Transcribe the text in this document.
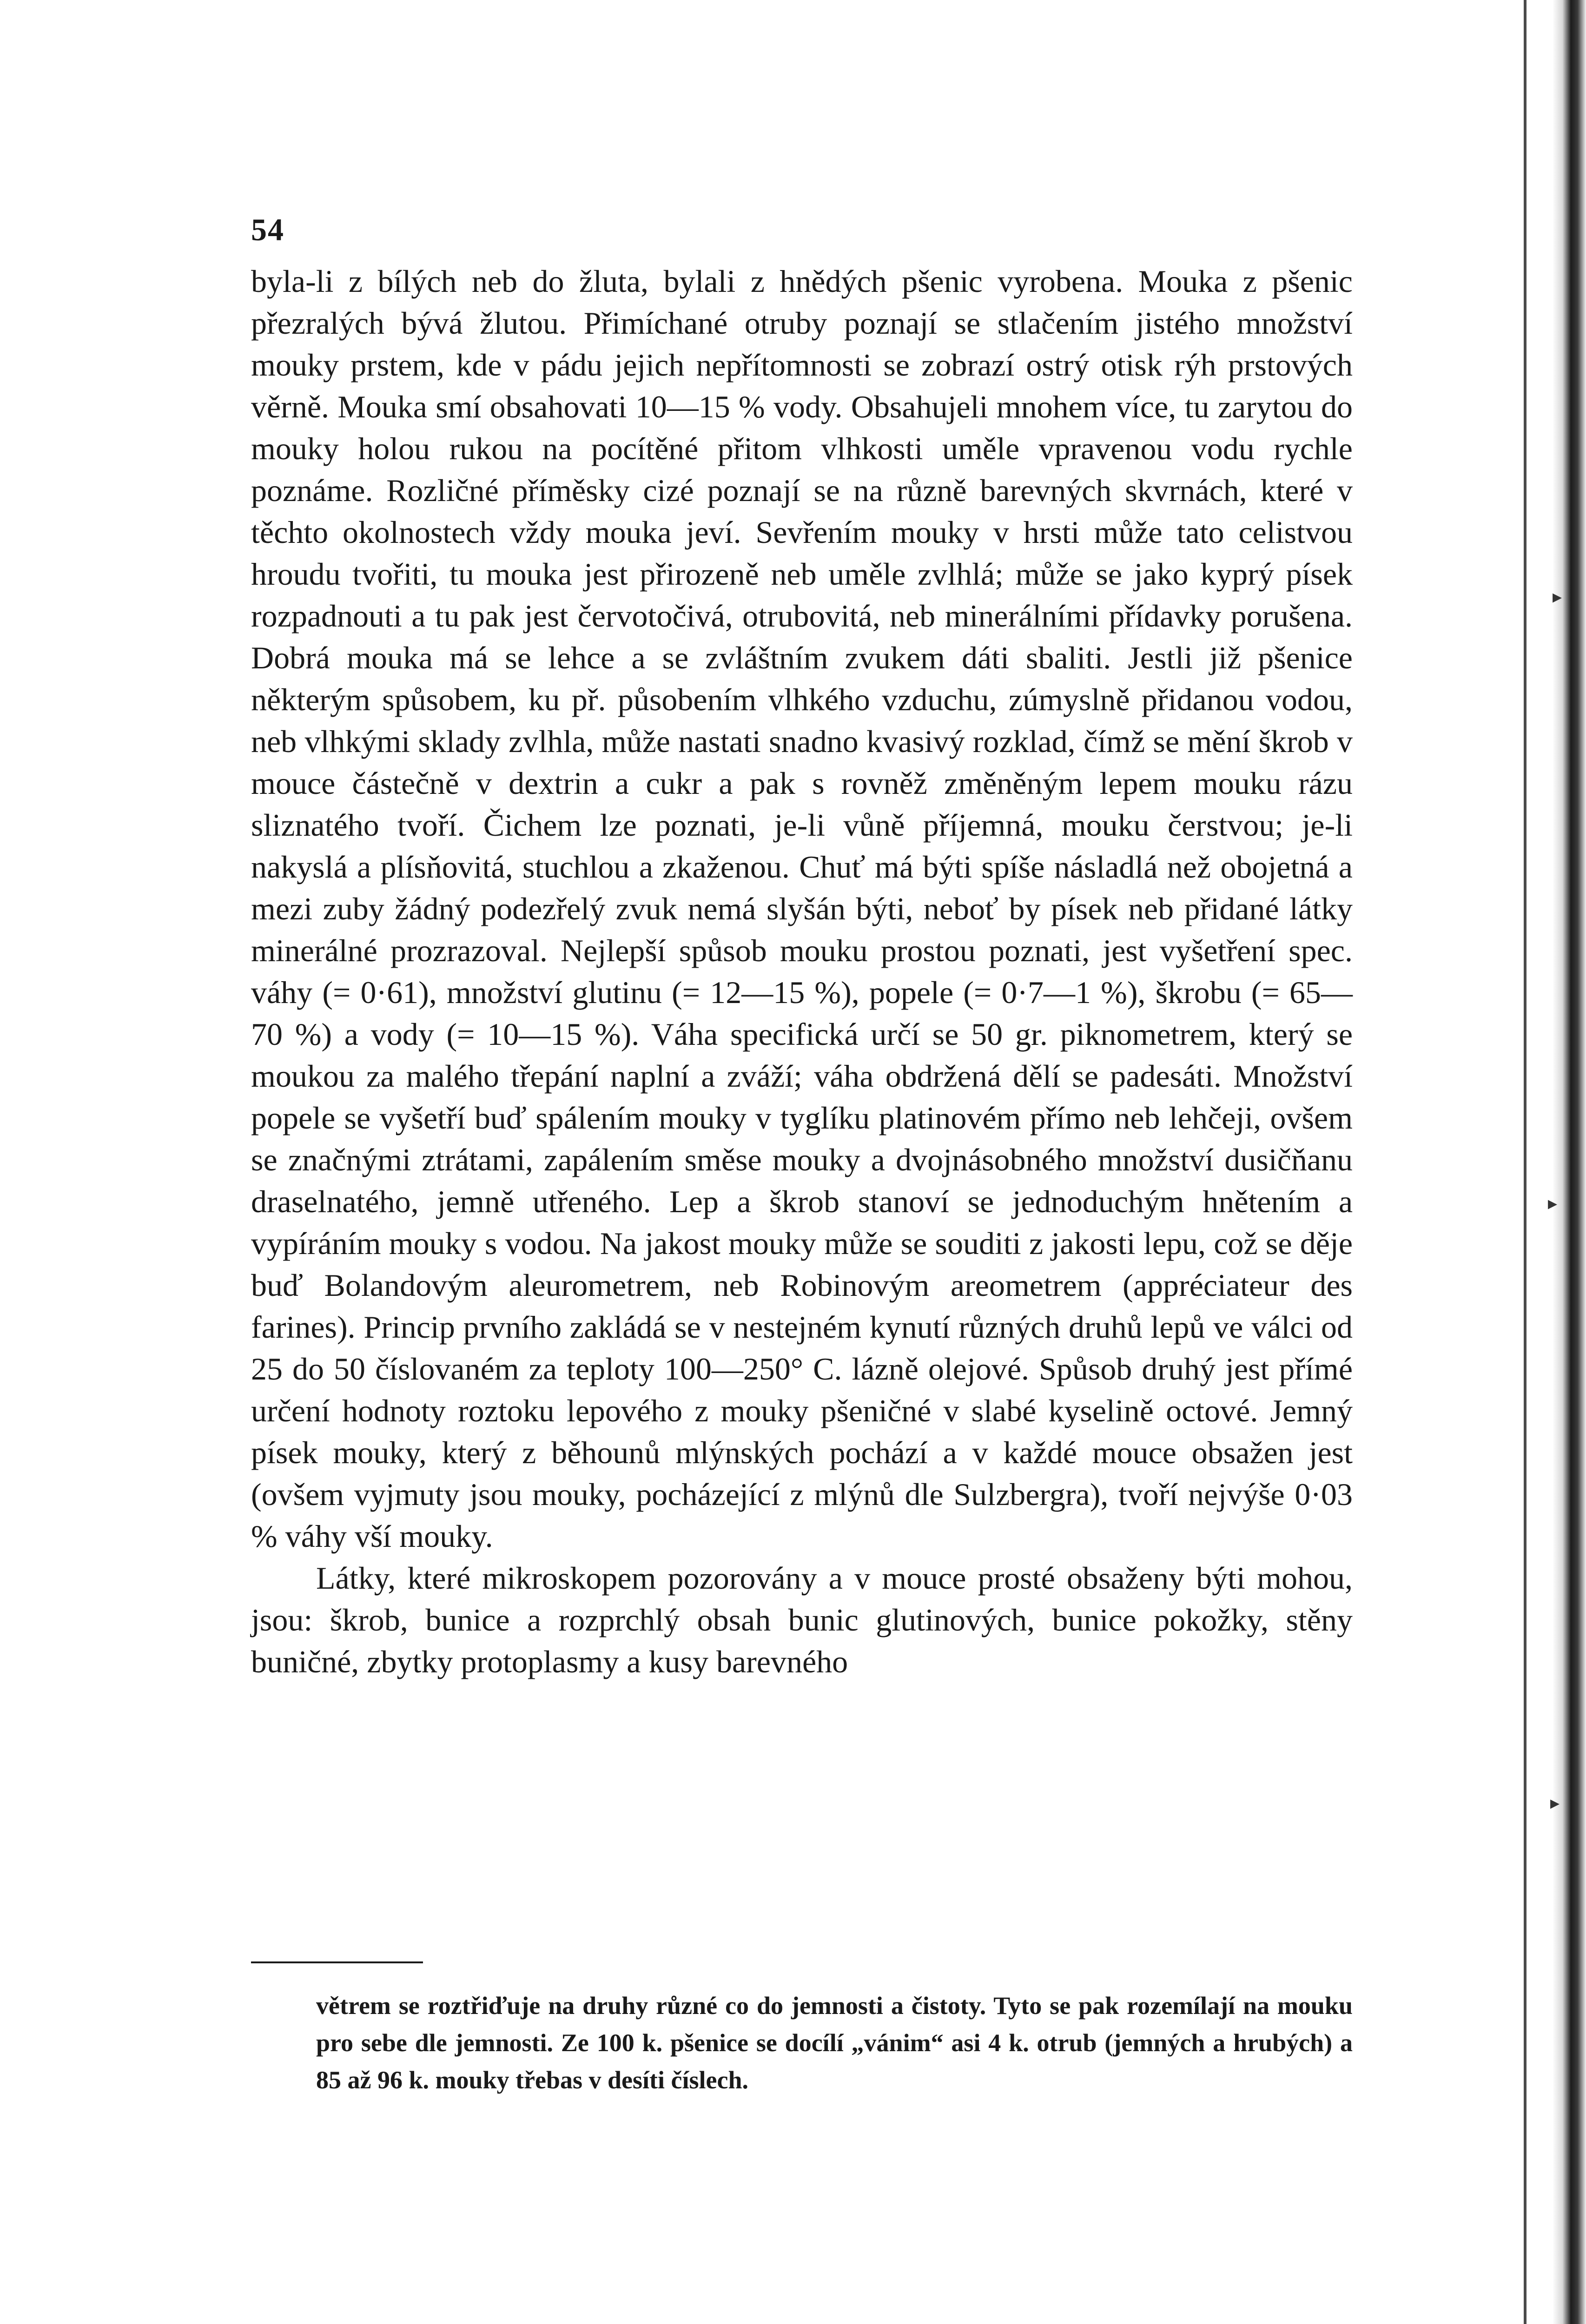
54

byla-li z bílých neb do žluta, bylali z hnědých pšenic vyrobena. Mouka z pšenic přezralých bývá žlutou. Přimíchané otruby poznají se stlačením jistého množství mouky prstem, kde v pádu jejich nepřítomnosti se zobrazí ostrý otisk rýh prstových věrně. Mouka smí obsahovati 10—15 % vody. Obsahujeli mnohem více, tu zarytou do mouky holou rukou na pocítěné přitom vlhkosti uměle vpravenou vodu rychle poznáme. Rozličné příměsky cizé poznají se na různě barevných skvrnách, které v těchto okolnostech vždy mouka jeví. Sevřením mouky v hrsti může tato celistvou hroudu tvořiti, tu mouka jest přirozeně neb uměle zvlhlá; může se jako kyprý písek rozpadnouti a tu pak jest červotočivá, otrubovitá, neb minerálními přídavky porušena. Dobrá mouka má se lehce a se zvláštním zvukem dáti sbaliti. Jestli již pšenice některým spůsobem, ku př. působením vlhkého vzduchu, zúmyslně přidanou vodou, neb vlhkými sklady zvlhla, může nastati snadno kvasivý rozklad, čímž se mění škrob v mouce částečně v dextrin a cukr a pak s rovněž změněným lepem mouku rázu sliznatého tvoří. Čichem lze poznati, je-li vůně příjemná, mouku čerstvou; je-li nakyslá a plísňovitá, stuchlou a zkaženou. Chuť má býti spíše násladlá než obojetná a mezi zuby žádný podezřelý zvuk nemá slyšán býti, neboť by písek neb přidané látky minerálné prozrazoval. Nejlepší spůsob mouku prostou poznati, jest vyšetření spec. váhy (= 0·61), množství glutinu (= 12—15 %), popele (= 0·7—1 %), škrobu (= 65—70 %) a vody (= 10—15 %). Váha specifická určí se 50 gr. piknometrem, který se moukou za malého třepání naplní a zváží; váha obdržená dělí se padesáti. Množství popele se vyšetří buď spálením mouky v tyglíku platinovém přímo neb lehčeji, ovšem se značnými ztrátami, zapálením směse mouky a dvojnásobného množství dusičňanu draselnatého, jemně utřeného. Lep a škrob stanoví se jednoduchým hnětením a vypíráním mouky s vodou. Na jakost mouky může se souditi z jakosti lepu, což se děje buď Bolandovým aleurometrem, neb Robinovým areometrem (appréciateur des farines). Princip prvního zakládá se v nestejném kynutí různých druhů lepů ve válci od 25 do 50 číslovaném za teploty 100—250° C. lázně olejové. Spůsob druhý jest přímé určení hodnoty roztoku lepového z mouky pšeničné v slabé kyselině octové. Jemný písek mouky, který z běhounů mlýnských pochází a v každé mouce obsažen jest (ovšem vyjmuty jsou mouky, pocházející z mlýnů dle Sulzbergra), tvoří nejvýše 0·03 % váhy vší mouky.

Látky, které mikroskopem pozorovány a v mouce prosté obsaženy býti mohou, jsou: škrob, bunice a rozprchlý obsah bunic glutinových, bunice pokožky, stěny buničné, zbytky protoplasmy a kusy barevného

větrem se roztřiďuje na druhy různé co do jemnosti a čistoty. Tyto se pak rozemílají na mouku pro sebe dle jemnosti. Ze 100 k. pšenice se docílí „vánim“ asi 4 k. otrub (jemných a hrubých) a 85 až 96 k. mouky třebas v desíti číslech.

▸
▸
▸
